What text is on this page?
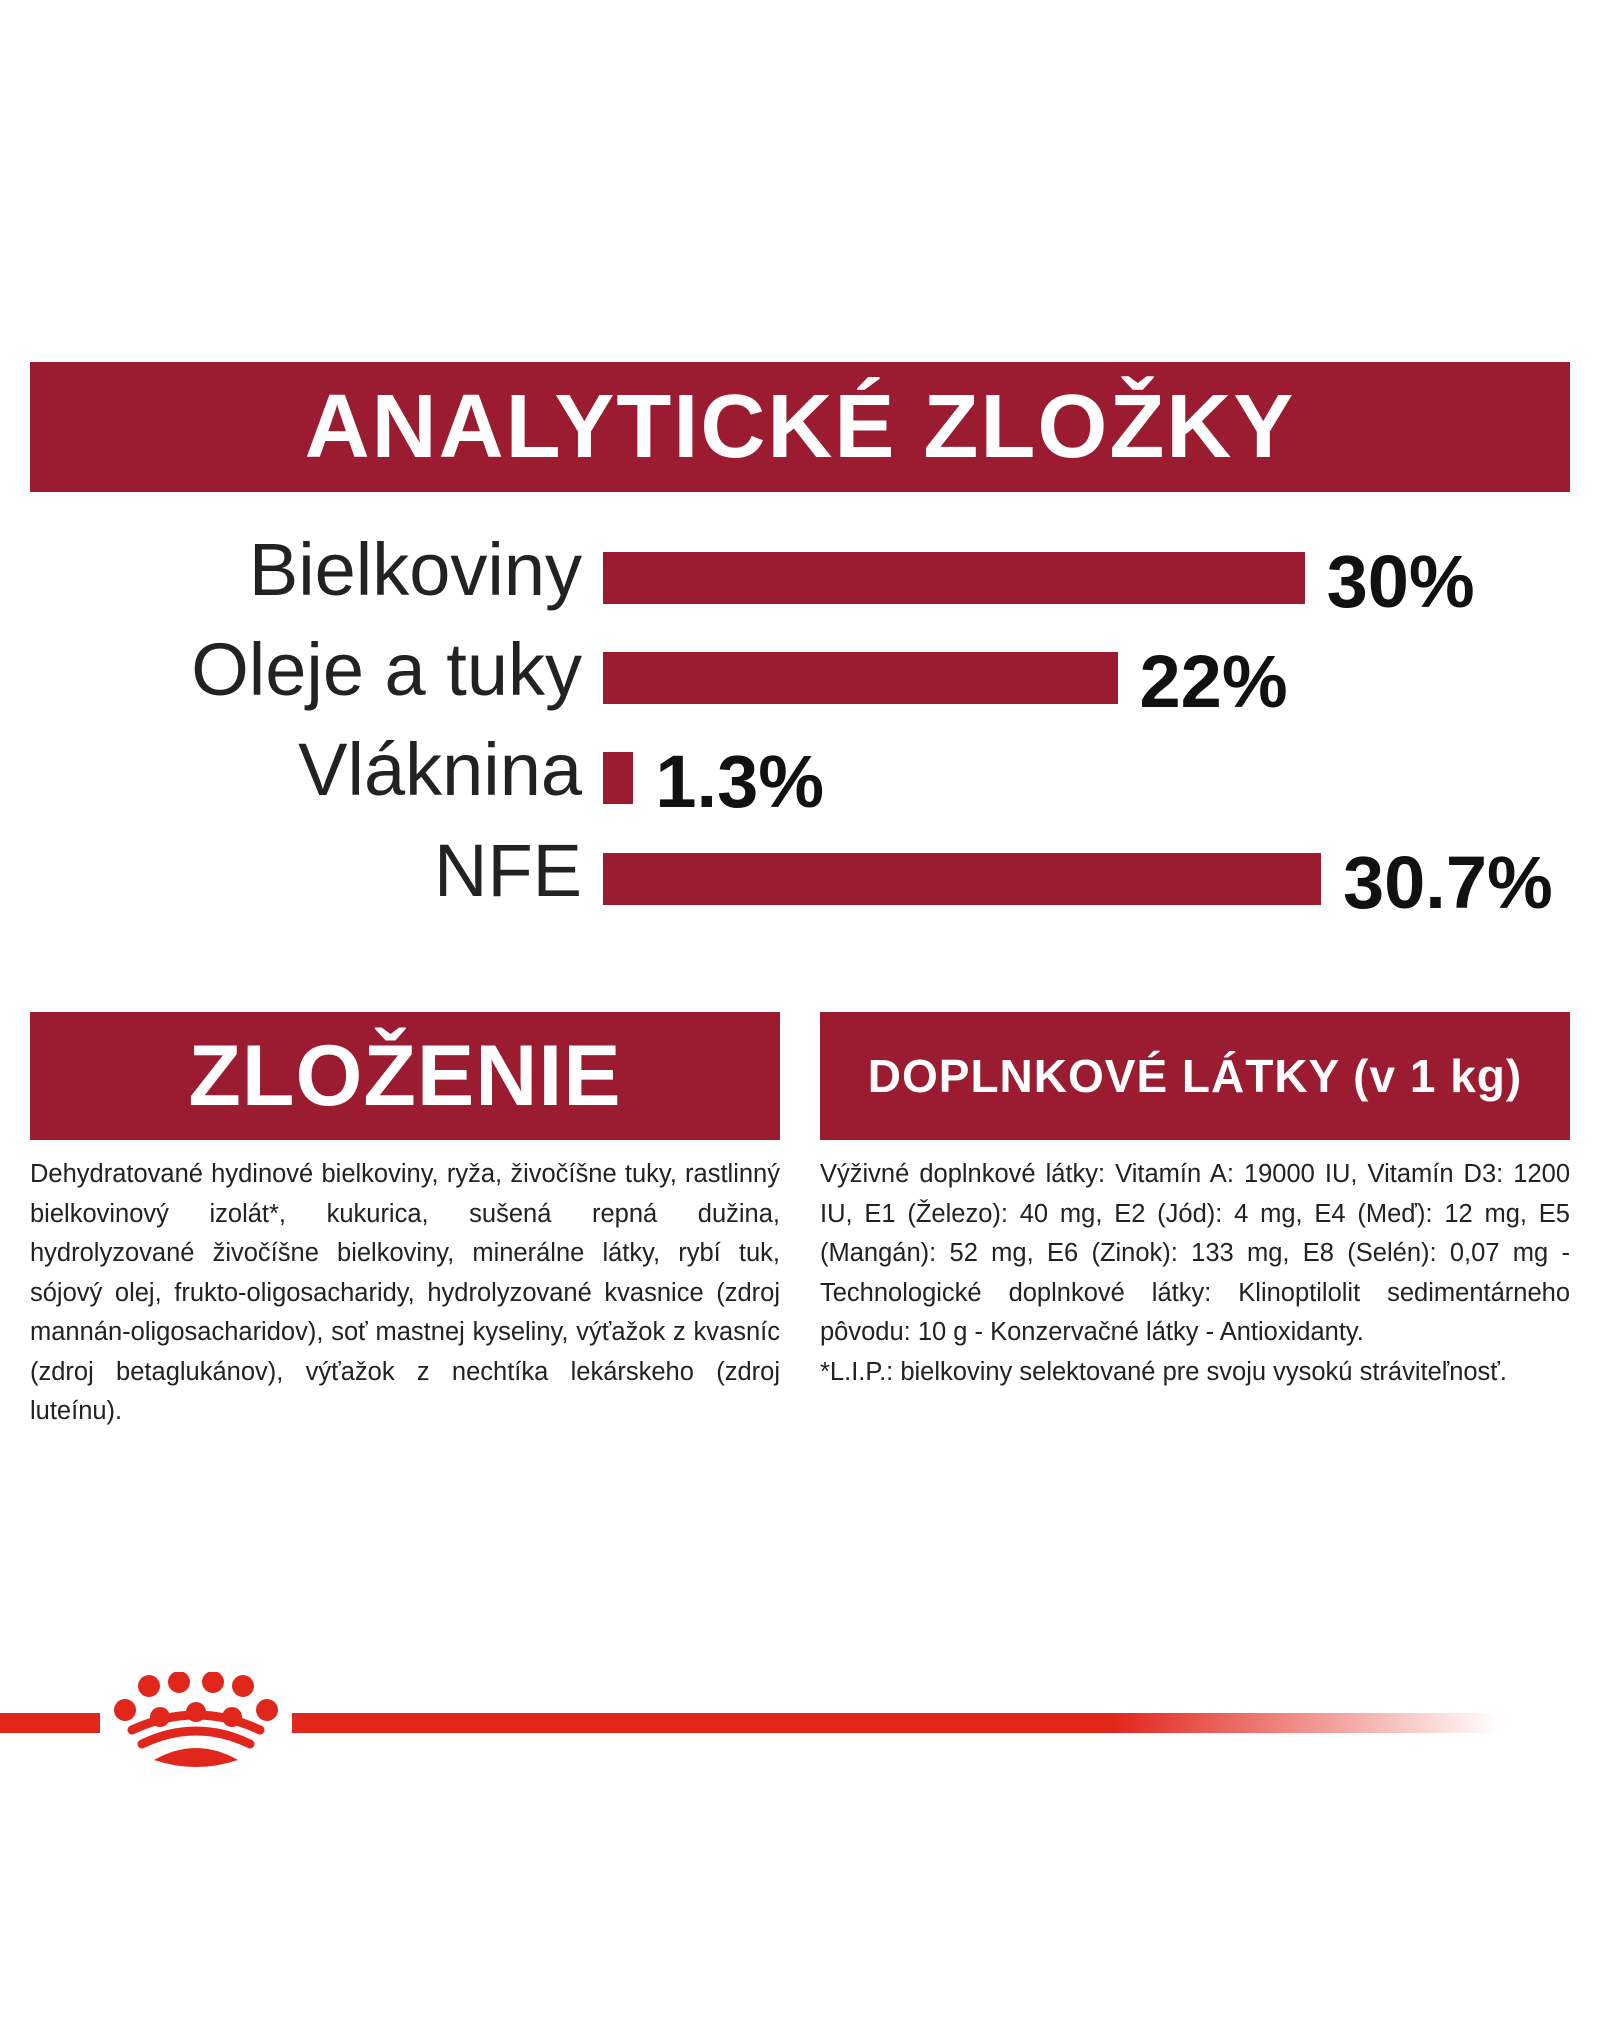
ANALYTICKÉ ZLOŽKY
Bielkoviny	30%
Oleje a tuky	22%
Vláknina 1.3%
NFE	30.7%
ZLOŽENIE	DOPLNKOVÉ LÁTKY (v 1 kg)

Dehydratované hydinové bielkoviny, ryža, živočíšne tuky, rastlinný bielkovinový izolát*, kukurica, sušená repná dužina, hydrolyzované živočíšne bielkoviny, minerálne látky, rybí tuk, sójový olej, frukto-oligosacharidy, hydrolyzované kvasnice (zdroj mannán-oligosacharidov), soť mastnej kyseliny, výťažok z kvasníc (zdroj betaglukánov), výťažok z nechtíka lekárskeho (zdroj luteínu).

Výživné doplnkové látky: Vitamín A: 19000 IU, Vitamín D3: 1200 IU, E1 (Železo): 40 mg, E2 (Jód): 4 mg, E4 (Meď): 12 mg, E5 (Mangán): 52 mg, E6 (Zinok): 133 mg, E8 (Selén): 0,07 mg - Technologické doplnkové látky: Klinoptilolit sedimentárneho pôvodu: 10 g - Konzervačné látky - Antioxidanty.

*L.I.P.: bielkoviny selektované pre svoju vysokú stráviteľnosť.
